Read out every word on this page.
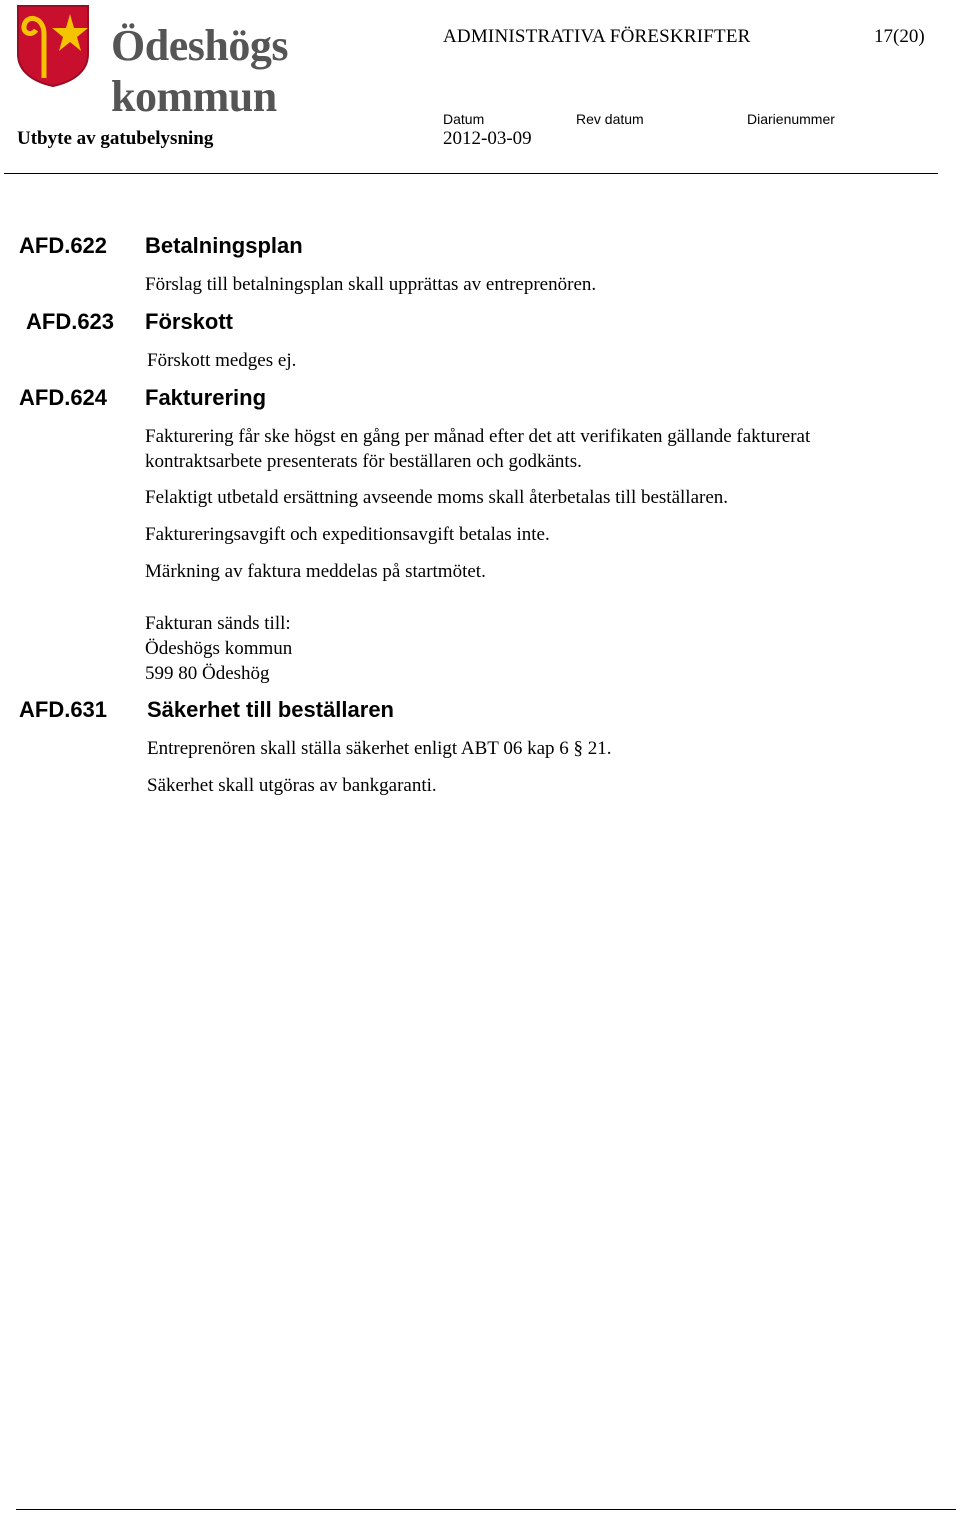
Ödeshögs kommun
ADMINISTRATIVA FÖRESKRIFTER	17(20)
Datum	Rev datum	Diarienummer
Utbyte av gatubelysning	2012-03-09
AFD.622 Betalningsplan
Förslag till betalningsplan skall upprättas av entreprenören.
AFD.623 Förskott
Förskott medges ej.
AFD.624 Fakturering
Fakturering får ske högst en gång per månad efter det att verifikaten gällande fakturerat
kontraktsarbete presenterats för beställaren och godkänts.
Felaktigt utbetald ersättning avseende moms skall återbetalas till beställaren.
Faktureringsavgift och expeditionsavgift betalas inte.
Märkning av faktura meddelas på startmötet.
Fakturan sänds till:
Ödeshögs kommun
599 80 Ödeshög
AFD.631 Säkerhet till beställaren
Entreprenören skall ställa säkerhet enligt ABT 06 kap 6 § 21.
Säkerhet skall utgöras av bankgaranti.
